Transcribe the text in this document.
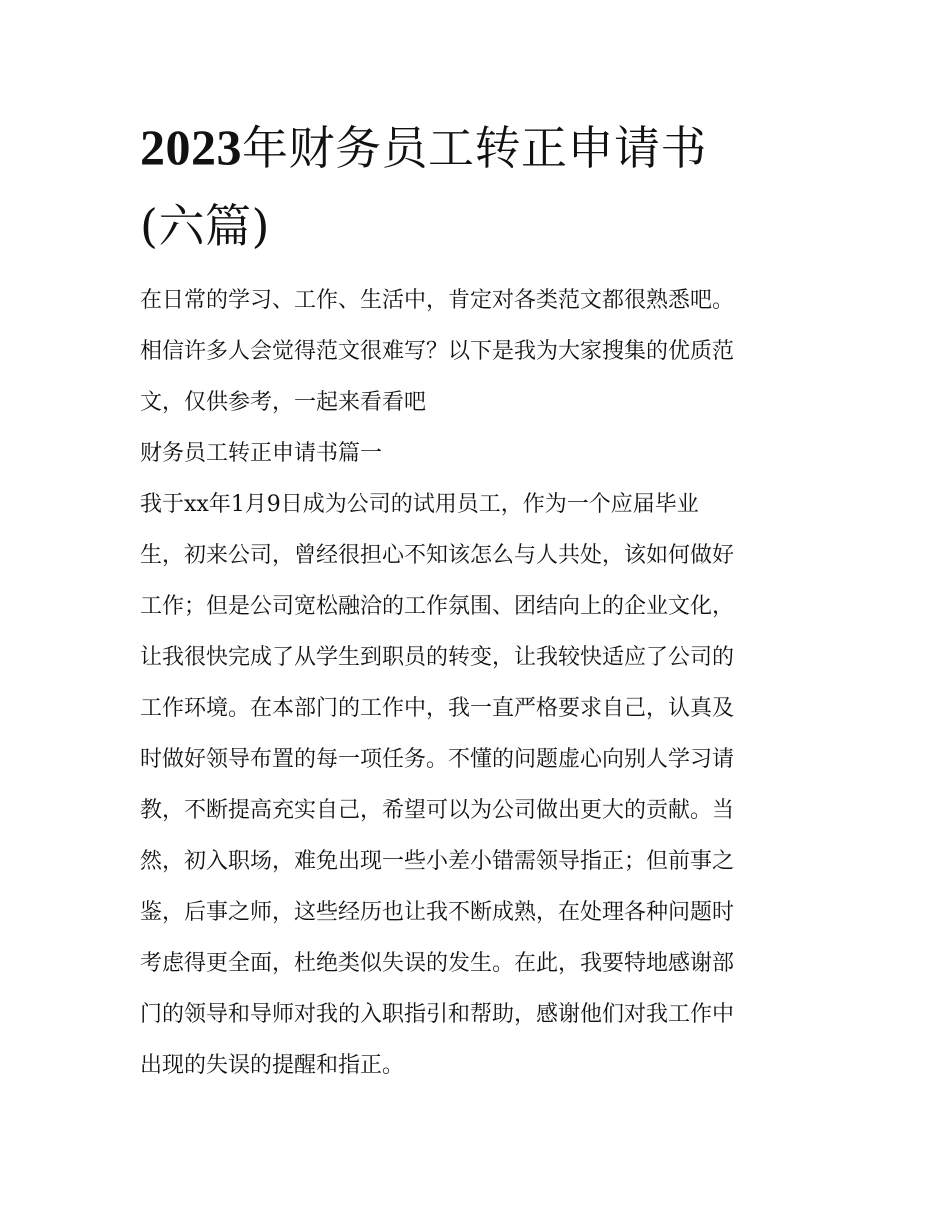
2023年财务员工转正申请书
(六篇)

在日常的学习、工作、生活中，肯定对各类范文都很熟悉吧。
相信许多人会觉得范文很难写？以下是我为大家搜集的优质范
文，仅供参考，一起来看看吧

财务员工转正申请书篇一

我于xx年1月9日成为公司的试用员工，作为一个应届毕业
生，初来公司，曾经很担心不知该怎么与人共处，该如何做好
工作；但是公司宽松融洽的工作氛围、团结向上的企业文化，
让我很快完成了从学生到职员的转变，让我较快适应了公司的
工作环境。在本部门的工作中，我一直严格要求自己，认真及
时做好领导布置的每一项任务。不懂的问题虚心向别人学习请
教，不断提高充实自己，希望可以为公司做出更大的贡献。当
然，初入职场，难免出现一些小差小错需领导指正；但前事之
鉴，后事之师，这些经历也让我不断成熟，在处理各种问题时
考虑得更全面，杜绝类似失误的发生。在此，我要特地感谢部
门的领导和导师对我的入职指引和帮助，感谢他们对我工作中
出现的失误的提醒和指正。
